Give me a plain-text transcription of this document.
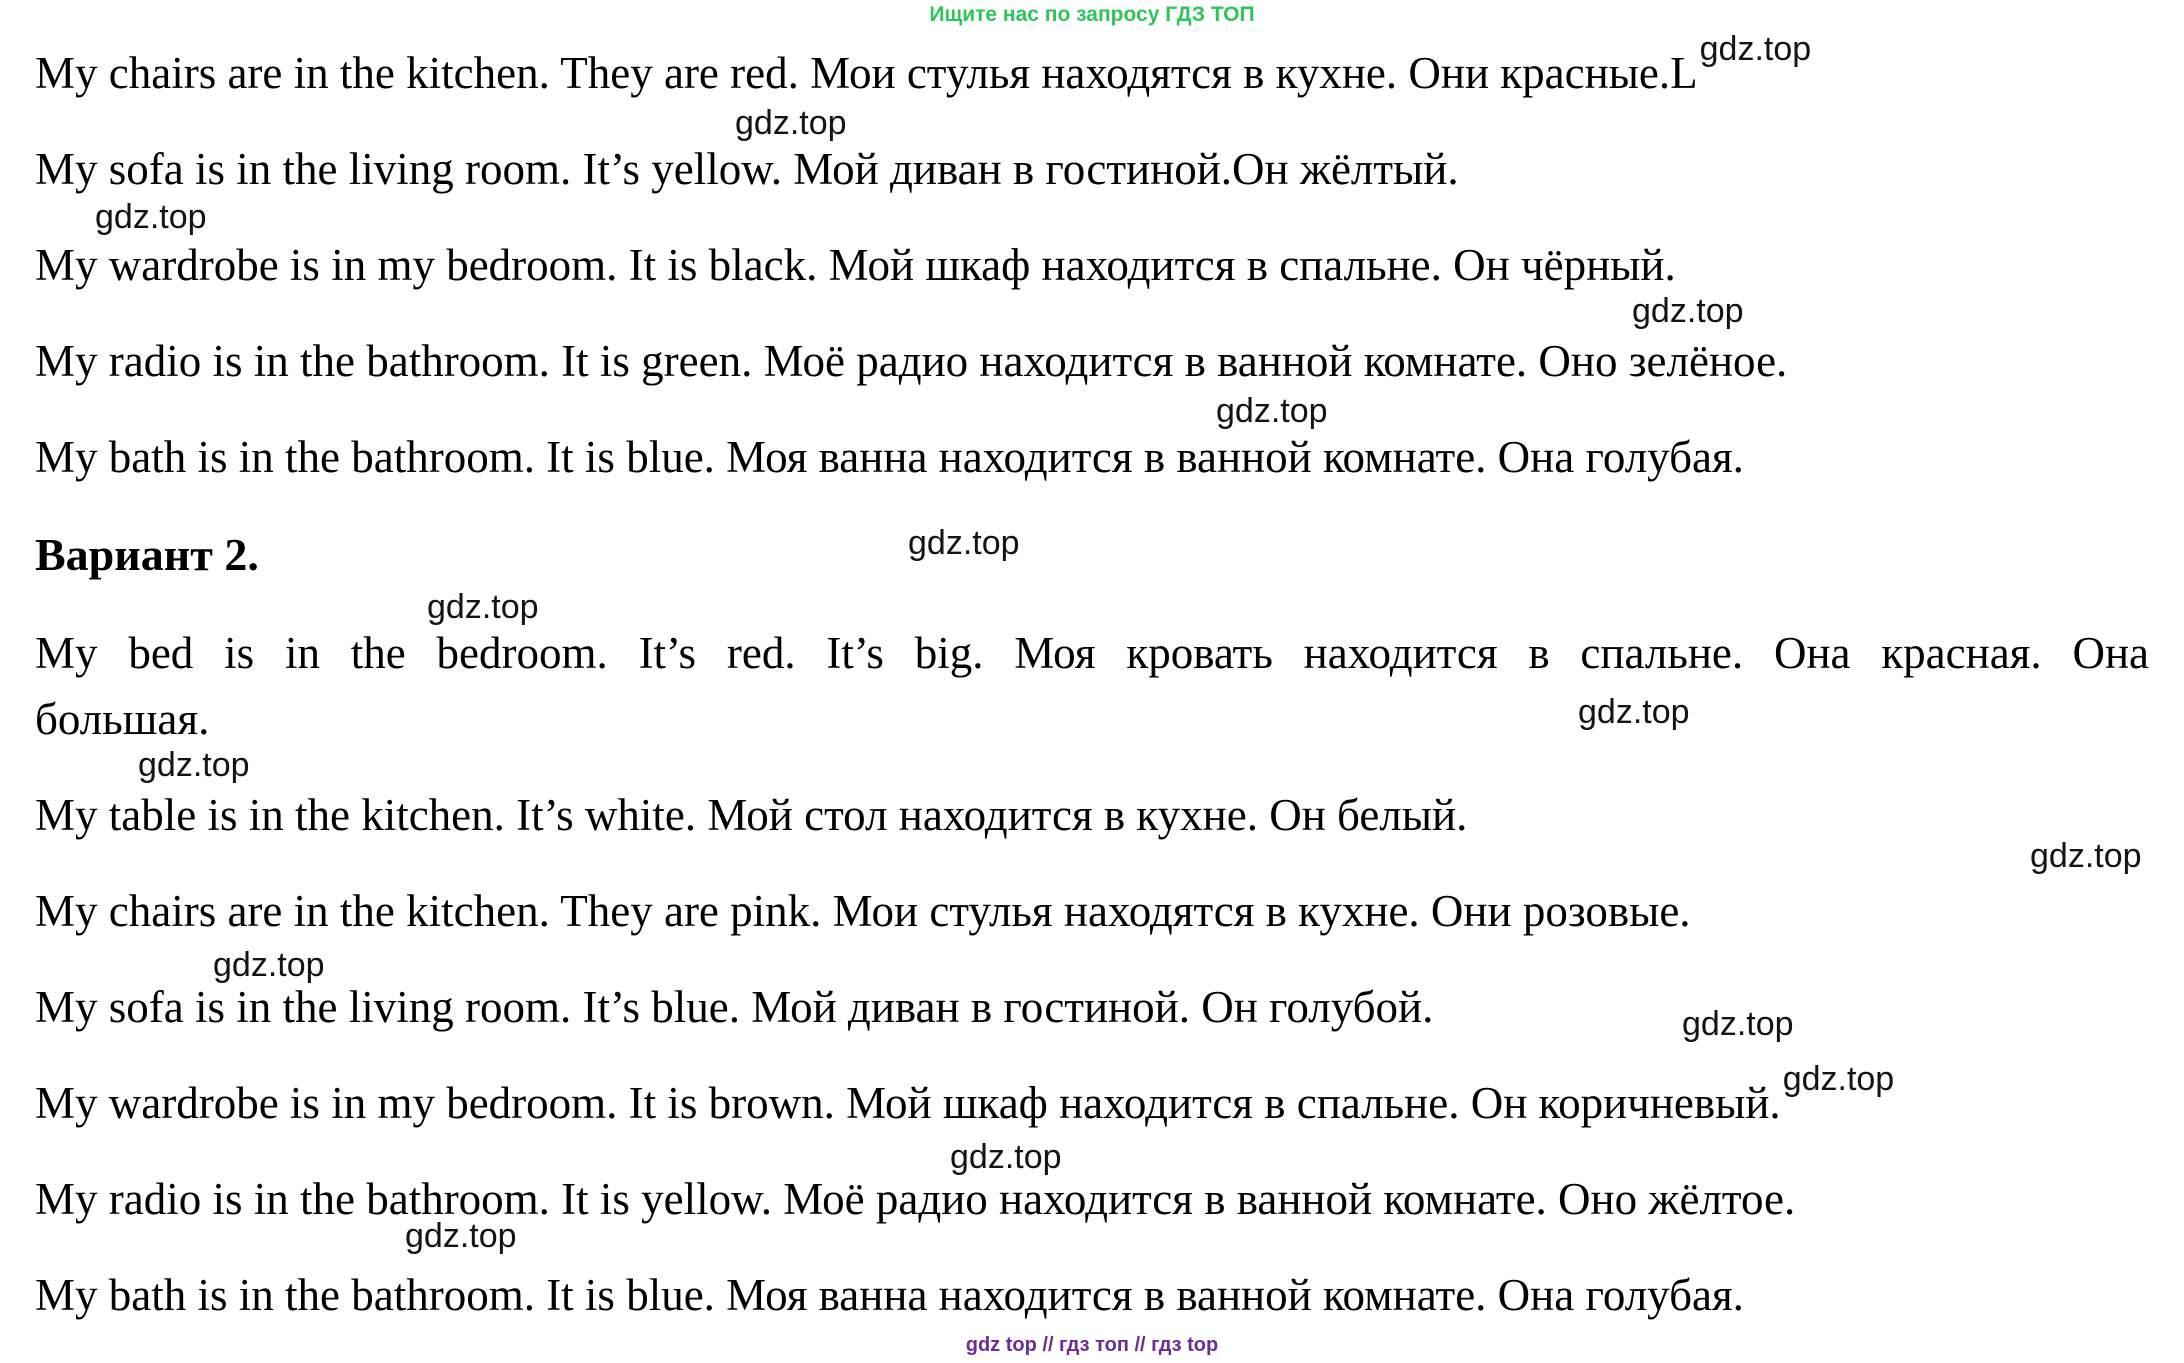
Ищите нас по запросу ГДЗ ТОП

My chairs are in the kitchen. They are red. Мои стулья находятся в кухне. Они $красные.L^{gdz.top}$

My sofa is in the living room. It’s yellow. Мой диван в гостиной.Он жёлтый.

My wardrobe is in my bedroom. It is black. Мой шкаф находится в спальне. Он чёрный.

My radio is in the bathroom. It is green. Моё радио находится в ванной комнате. Оно зелёное.

My bath is in the bathroom. It is blue. Моя ванна находится в ванной комнате. Она голубая.

Вариант 2.

My bed is in the bedroom. It’s red. It’s big. Моя кровать находится в спальне. Она красная. Она
большая.

My table is in the kitchen. It’s white. Мой стол находится в кухне. Он белый.

My chairs are in the kitchen. They are pink. Мои стулья находятся в кухне. Они розовые.

My sofa is in the living room. It’s blue. Мой диван в гостиной. Он голубой.

My wardrobe is in my bedroom. It is brown. Мой шкаф находится в спальне. Он коричневый.$^{gdz.top}$

My radio is in the bathroom. It is yellow. Моё радио находится в ванной комнате. Оно жёлтое.

My bath is in the bathroom. It is blue. Моя ванна находится в ванной комнате. Она голубая.

gdz.top
gdz.top
gdz.top
gdz.top
gdz.top
gdz.top
gdz.top
gdz.top
gdz.top
gdz.top
gdz.top
gdz.top
gdz.top
gdz top // гдз топ // гдз top
